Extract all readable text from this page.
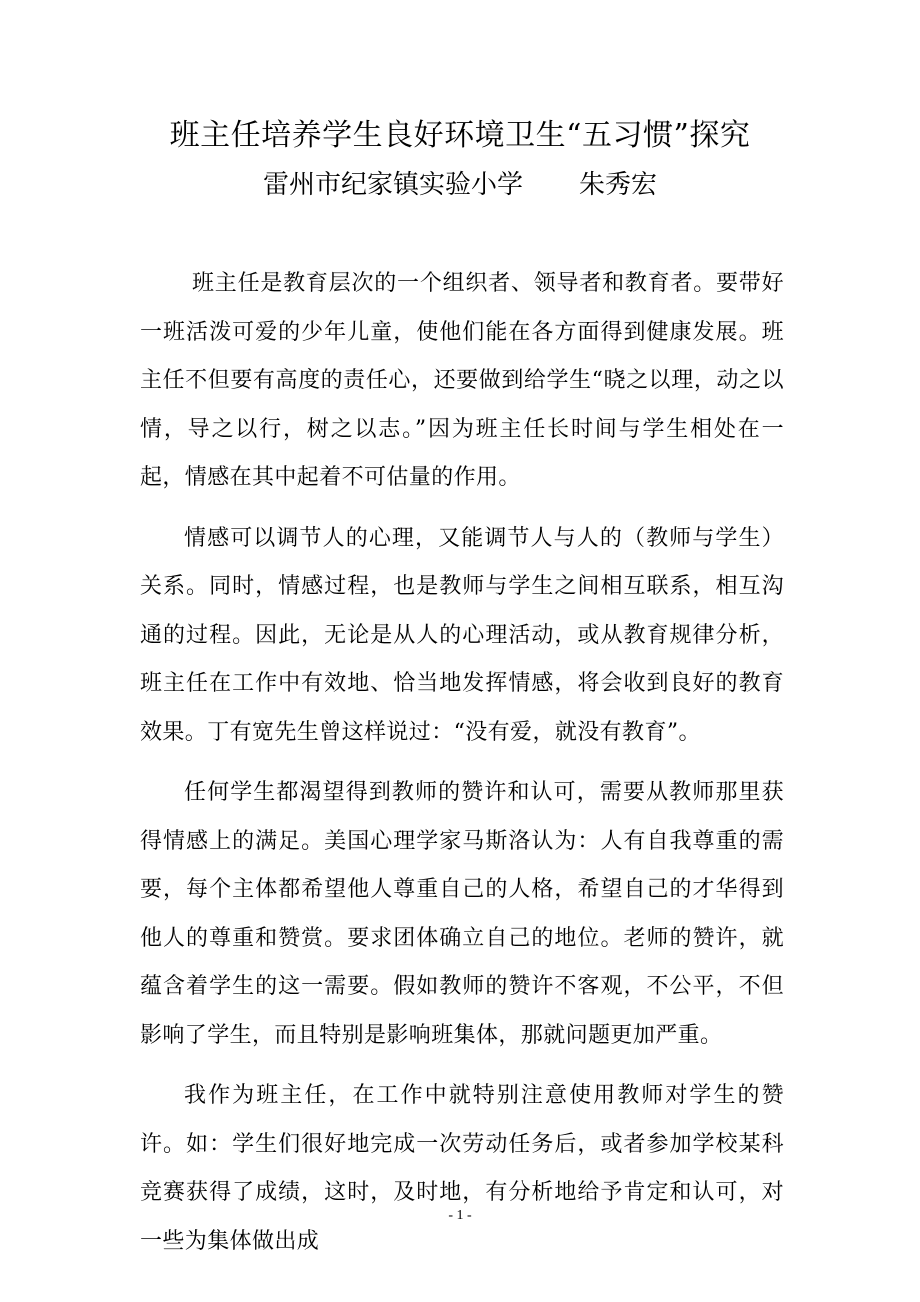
班主任培养学生良好环境卫生“五习惯”探究

雷州市纪家镇实验小学 朱秀宏

班主任是教育层次的一个组织者、领导者和教育者。要带好一班活泼可爱的少年儿童，使他们能在各方面得到健康发展。班主任不但要有高度的责任心，还要做到给学生“晓之以理，动之以情，导之以行，树之以志。”因为班主任长时间与学生相处在一起，情感在其中起着不可估量的作用。

情感可以调节人的心理，又能调节人与人的（教师与学生）关系。同时，情感过程，也是教师与学生之间相互联系，相互沟通的过程。因此，无论是从人的心理活动，或从教育规律分析，班主任在工作中有效地、恰当地发挥情感，将会收到良好的教育效果。丁有宽先生曾这样说过：“没有爱，就没有教育”。

任何学生都渴望得到教师的赞许和认可，需要从教师那里获得情感上的满足。美国心理学家马斯洛认为：人有自我尊重的需要，每个主体都希望他人尊重自己的人格，希望自己的才华得到他人的尊重和赞赏。要求团体确立自己的地位。老师的赞许，就蕴含着学生的这一需要。假如教师的赞许不客观，不公平，不但影响了学生，而且特别是影响班集体，那就问题更加严重。

我作为班主任，在工作中就特别注意使用教师对学生的赞许。如：学生们很好地完成一次劳动任务后，或者参加学校某科竞赛获得了成绩，这时，及时地，有分析地给予肯定和认可，对一些为集体做出成

- 1 -
